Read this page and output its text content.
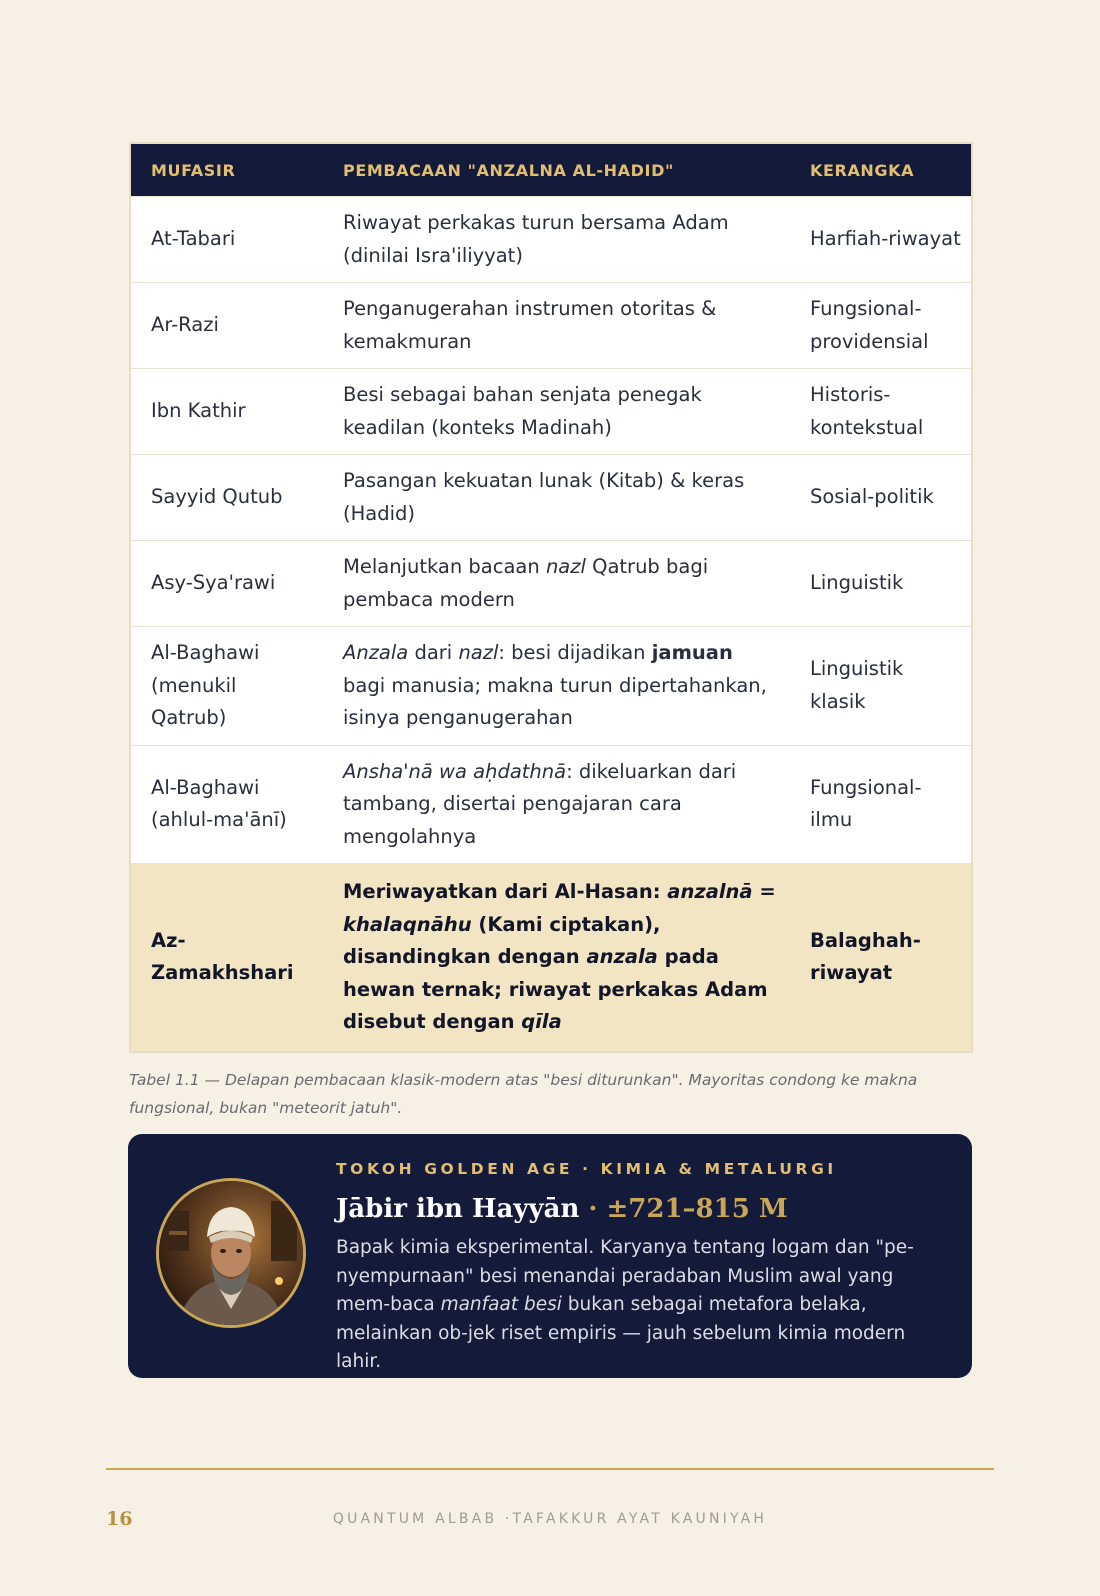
MUFASIR	PEMBACAAN "ANZALNA AL-HADID"	KERANGKA
At-Tabari	Riwayat perkakas turun bersama Adam (dinilai Isra'iliyyat)	Harfiah-riwayat
Ar-Razi	Penganugerahan instrumen otoritas & kemakmuran	Fungsional-providensial
Ibn Kathir	Besi sebagai bahan senjata penegak keadilan (konteks Madinah)	Historis-kontekstual
Sayyid Qutub	Pasangan kekuatan lunak (Kitab) & keras (Hadid)	Sosial-politik
Asy-Sya'rawi	Melanjutkan bacaan nazl Qatrub bagi pembaca modern	Linguistik
Al-Baghawi (menukil Qatrub)	Anzala dari nazl: besi dijadikan jamuan bagi manusia; makna turun dipertahankan, isinya penganugerahan	Linguistik klasik
Al-Baghawi (ahlul-ma'ānī)	Ansha'nā wa aḥdathnā: dikeluarkan dari tambang, disertai pengajaran cara mengolahnya	Fungsional-ilmu
Az-Zamakhshari	Meriwayatkan dari Al-Hasan: anzalnā = khalaqnāhu (Kami ciptakan), disandingkan dengan anzala pada hewan ternak; riwayat perkakas Adam disebut dengan qīla	Balaghah-riwayat
Tabel 1.1 — Delapan pembacaan klasik-modern atas "besi diturunkan". Mayoritas condong ke makna fungsional, bukan "meteorit jatuh".
TOKOH GOLDEN AGE · KIMIA & METALURGI
Jābir ibn Hayyān · ±721–815 M
Bapak kimia eksperimental. Karyanya tentang logam dan "pe-nyempurnaan" besi menandai peradaban Muslim awal yang mem-baca manfaat besi bukan sebagai metafora belaka, melainkan ob-jek riset empiris — jauh sebelum kimia modern lahir.
16	QUANTUM ALBAB ·TAFAKKUR AYAT KAUNIYAH
